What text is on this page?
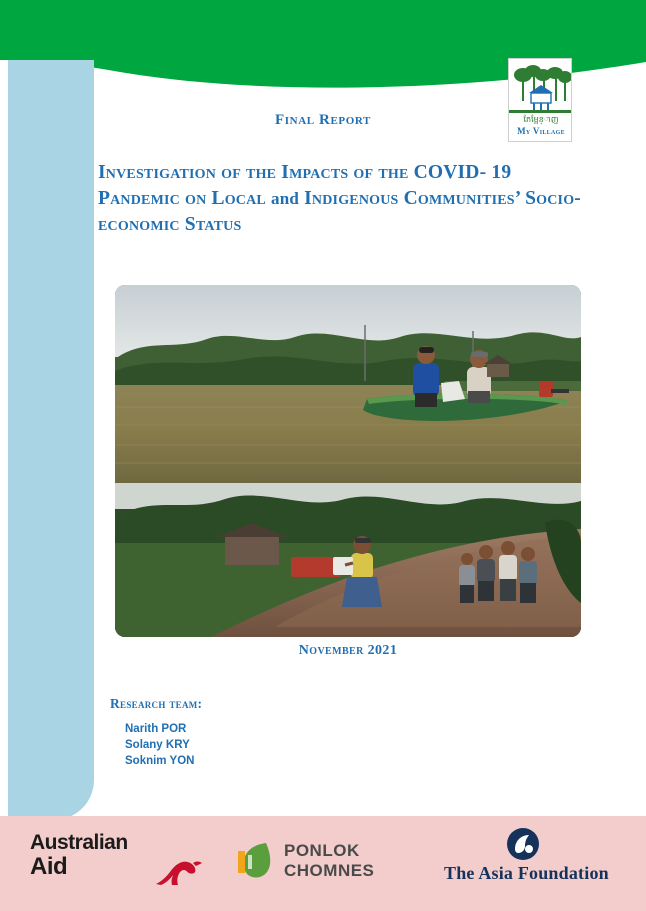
Final Report	ភែម្អែន្ាញ
My Village
Investigation of the Impacts of the COVID- 19 Pandemic on Local and Indigenous Communities’ Socio-economic Status
November 2021
Research team:
Narith POR
Solany KRY
Soknim YON
Australian
Aid
PONLOK
CHOMNES	The Asia Foundation
